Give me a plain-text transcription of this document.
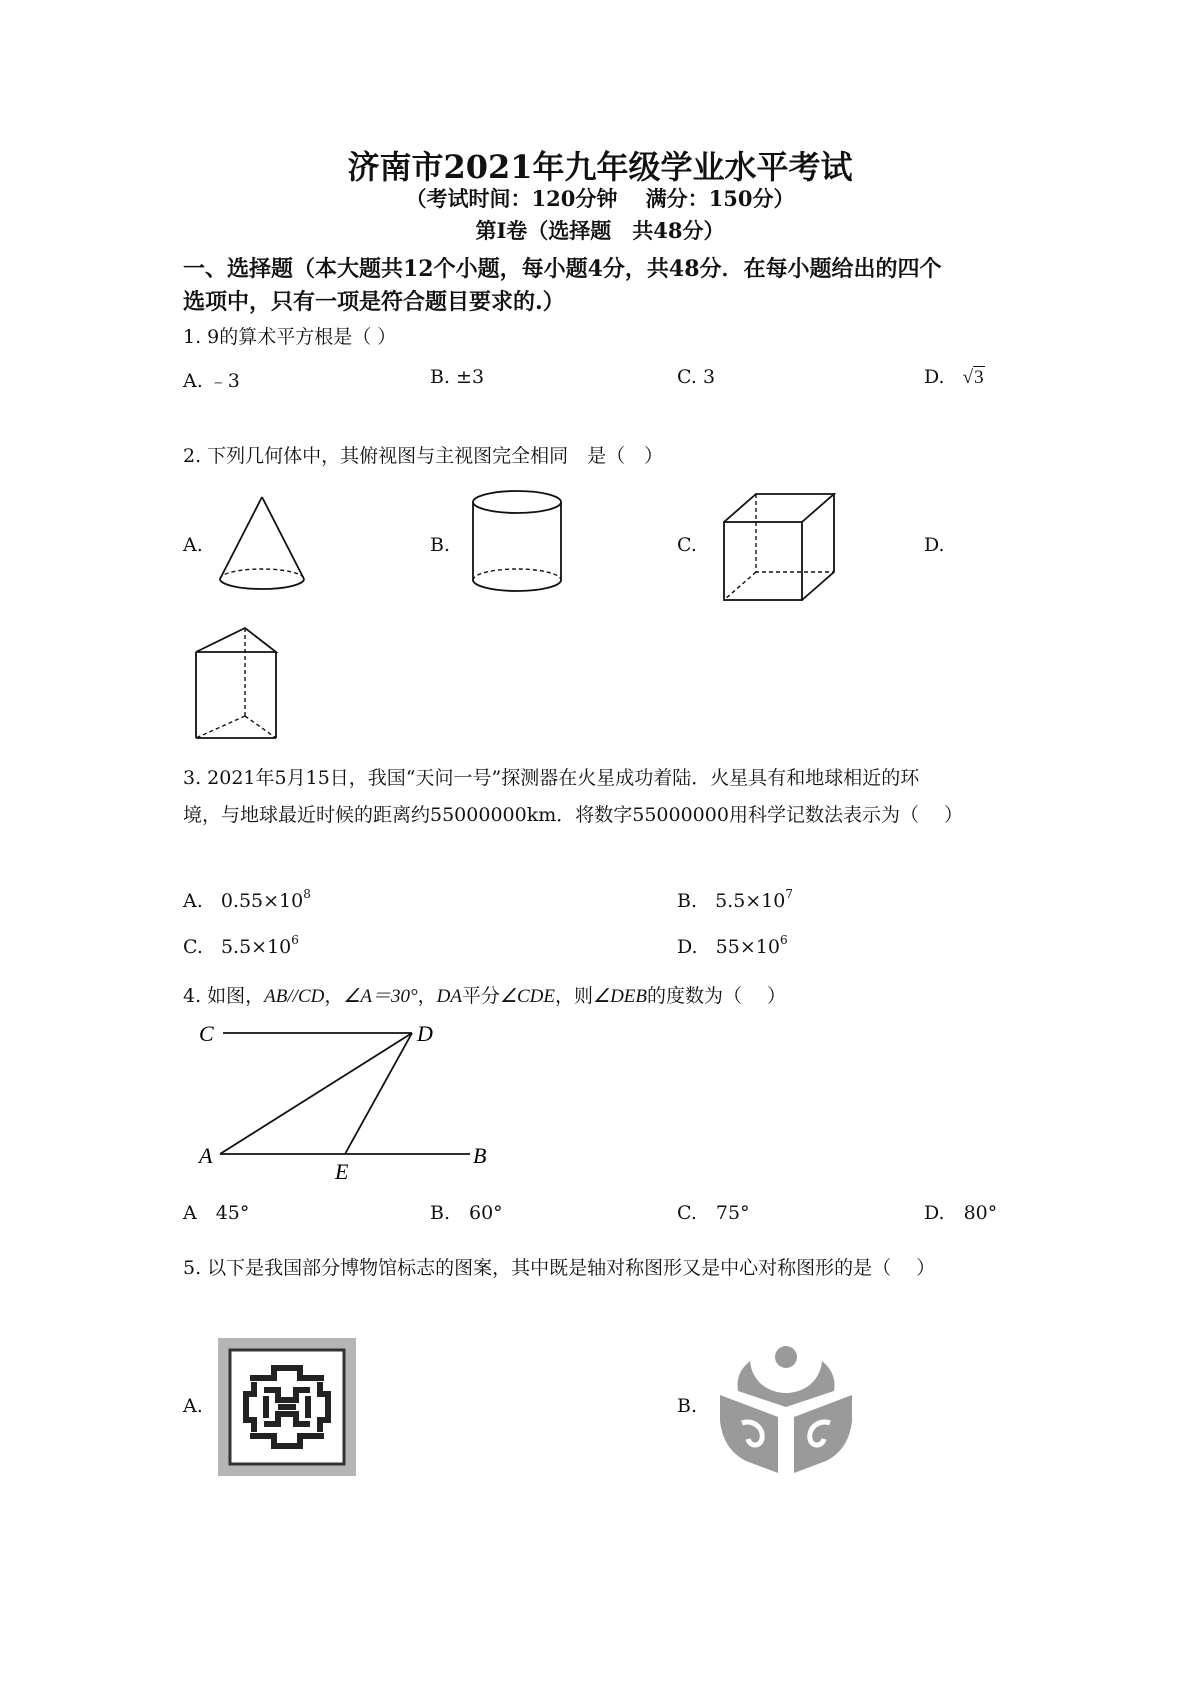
济南市2021年九年级学业水平考试
（考试时间：120分钟　 满分：150分）
第Ⅰ卷（选择题　共48分）
一、选择题（本大题共12个小题，每小题4分，共48分．在每小题给出的四个
选项中，只有一项是符合题目要求的.）
1. 9的算术平方根是（ ）
A. ﹣3	B. ±3	C. 3	D. √3
2. 下列几何体中，其俯视图与主视图完全相同　是（　）
A.	B.	C.	D.
3. 2021年5月15日，我国“天问一号”探测器在火星成功着陆．火星具有和地球相近的环
境，与地球最近时候的距离约55000000km．将数字55000000用科学记数法表示为（　 ）
A. $0.55\times 10^8$	B. $5.5\times 10^7$
C. $5.5\times 10^6$	D. $55\times 10^6$
4. 如图，AB//CD，∠A＝30°，DA平分∠CDE，则∠DEB的度数为（　 ）
C	D
A
E
B
A　45°	B.　60°	C.　75°	D.　80°
5. 以下是我国部分博物馆标志的图案，其中既是轴对称图形又是中心对称图形的是（　 ）
A.	B.
